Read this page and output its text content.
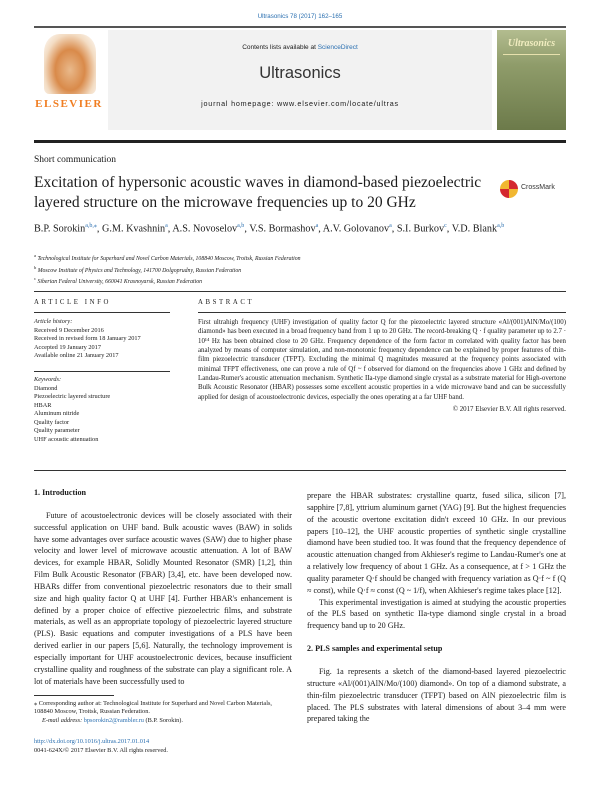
Ultrasonics 78 (2017) 162–165
ELSEVIER
Contents lists available at ScienceDirect
Ultrasonics
journal homepage: www.elsevier.com/locate/ultras
Ultrasonics
Short communication
Excitation of hypersonic acoustic waves in diamond-based piezoelectric layered structure on the microwave frequencies up to 20 GHz
CrossMark
B.P. Sorokin$^{a,b,⁎}$, G.M. Kvashnin$^a$, A.S. Novoselov$^{a,b}$, V.S. Bormashov$^a$, A.V. Golovanov$^a$, S.I. Burkov$^c$, V.D. Blank$^{a,b}$
$^a$ Technological Institute for Superhard and Novel Carbon Materials, 108840 Moscow, Troitsk, Russian Federation
$^b$ Moscow Institute of Physics and Technology, 141700 Dolgoprudny, Russian Federation
$^c$ Siberian Federal University, 660041 Krasnoyarsk, Russian Federation
ARTICLE INFO	ABSTRACT
Article history:
Received 9 December 2016
Received in revised form 18 January 2017
Accepted 19 January 2017
Available online 21 January 2017
Keywords:
Diamond
Piezoelectric layered structure
HBAR
Aluminum nitride
Quality factor
Quality parameter
UHF acoustic attenuation
First ultrahigh frequency (UHF) investigation of quality factor Q for the piezoelectric layered structure «Al/(001)AlN/Mo/(100) diamond» has been executed in a broad frequency band from 1 up to 20 GHz. The record-breaking Q · f quality parameter up to 2.7 · 10¹⁴ Hz has been obtained close to 20 GHz. Frequency dependence of the form factor m correlated with quality factor has been analyzed by means of computer simulation, and non-monotonic frequency dependence can be explained by proper features of thin-film piezoelectric transducer (TFPT). Excluding the minimal Q magnitudes measured at the frequency points associated with minimal TFPT effectiveness, one can prove a rule of Qf ~ f observed for diamond on the frequencies above 1 GHz and defined by Landau-Rumer's acoustic attenuation mechanism. Synthetic IIa-type diamond single crystal as a substrate material for High-overtone Bulk Acoustic Resonator (HBAR) possesses some excellent acoustic properties in a wide microwave band and can be successfully applied for design of acoustoelectronic devices, especially the ones operating at a far UHF band.
© 2017 Elsevier B.V. All rights reserved.
1. Introduction

Future of acoustoelectronic devices will be closely associated with their successful application on UHF band. Bulk acoustic waves (BAW) in solids have some advantages over surface acoustic waves (SAW) due to higher phase velocity and lower level of microwave acoustic attenuation. A lot of BAW devices, for example HBAR, Solidly Mounted Resonator (SMR) [1,2], thin Film Bulk Acoustic Resonator (FBAR) [3,4], etc. have been developed now. HBARs differ from conventional piezoelectric resonators due to their small size and high quality factor Q at UHF [4]. Further HBAR's enhancement is defined by a proper choice of effective piezoelectric films, and substrate materials, as well as an appropriate topology of piezoelectric layered structure (PLS). Basic equations and computer investigations of a PLS have been derived earlier in our papers [5,6]. Naturally, the technology improvement is especially important for UHF acoustoelectronic devices, because insufficient crystalline quality and roughness of the substrate can play a significant role. A lot of materials have been successfully used to

prepare the HBAR substrates: crystalline quartz, fused silica, silicon [7], sapphire [7,8], yttrium aluminum garnet (YAG) [9]. But the highest frequencies of the acoustic overtone excitation didn't exceed 10 GHz. In our previous papers [10–12], the UHF acoustic properties of synthetic single crystalline diamond have been studied too. It was found that the frequency dependence of acoustic attenuation changed from Akhieser's regime to Landau-Rumer's one at a relatively low frequency of about 1 GHz. As a consequence, at f > 1 GHz the quality parameter Q·f should be changed with frequency variation as Q·f ~ f (Q ≈ const), while Q·f ≈ const (Q ~ 1/f), when Akhieser's regime takes place [12].

This experimental investigation is aimed at studying the acoustic properties of the PLS based on synthetic IIa-type diamond single crystal in a broad frequency band up to 20 GHz.

2. PLS samples and experimental setup

Fig. 1a represents a sketch of the diamond-based layered piezoelectric structure «Al/(001)AlN/Mo/(100) diamond». On top of a diamond substrate, a thin-film piezoelectric transducer (TFPT) based on AlN piezoelectric film is placed. The PLS substrates with lateral dimensions of about 3–4 mm were prepared taking the

⁎ Corresponding author at: Technological Institute for Superhard and Novel Carbon Materials, 108840 Moscow, Troitsk, Russian Federation.
E-mail address: bpsorokin2@rambler.ru (B.P. Sorokin).
http://dx.doi.org/10.1016/j.ultras.2017.01.014
0041-624X/© 2017 Elsevier B.V. All rights reserved.
